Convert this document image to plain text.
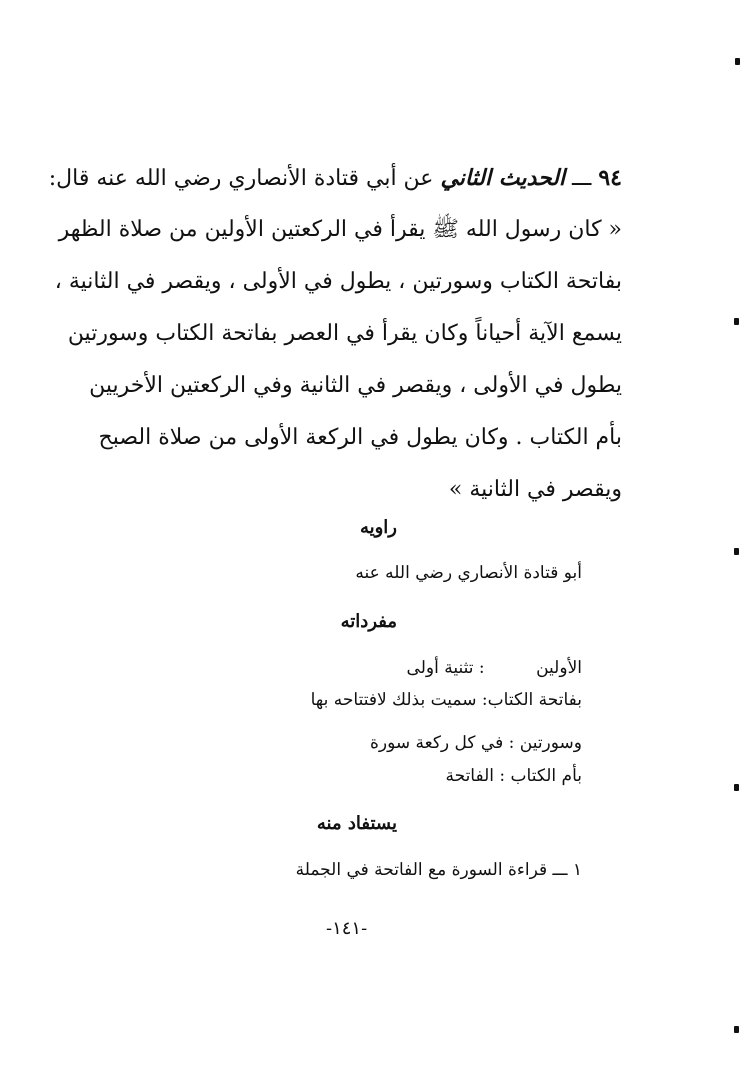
٩٤ ـــ الحديث الثاني عن أبي قتادة الأنصاري رضي الله عنه قال:
« كان رسول الله ﷺ يقرأ في الركعتين الأولين من صلاة الظهر
بفاتحة الكتاب وسورتين ، يطول في الأولى ، ويقصر في الثانية ،
يسمع الآية أحياناً وكان يقرأ في العصر بفاتحة الكتاب وسورتين
يطول في الأولى ، ويقصر في الثانية وفي الركعتين الأخريين
بأم الكتاب . وكان يطول في الركعة الأولى من صلاة الصبح
ويقصر في الثانية »
راويه
أبو قتادة الأنصاري رضي الله عنه
مفرداته
الأولين : تثنية أولى
بفاتحة الكتاب: سميت بذلك لافتتاحه بها
وسورتين : في كل ركعة سورة
بأم الكتاب : الفاتحة
يستفاد منه
١ ـــ قراءة السورة مع الفاتحة في الجملة
-١٤١-
